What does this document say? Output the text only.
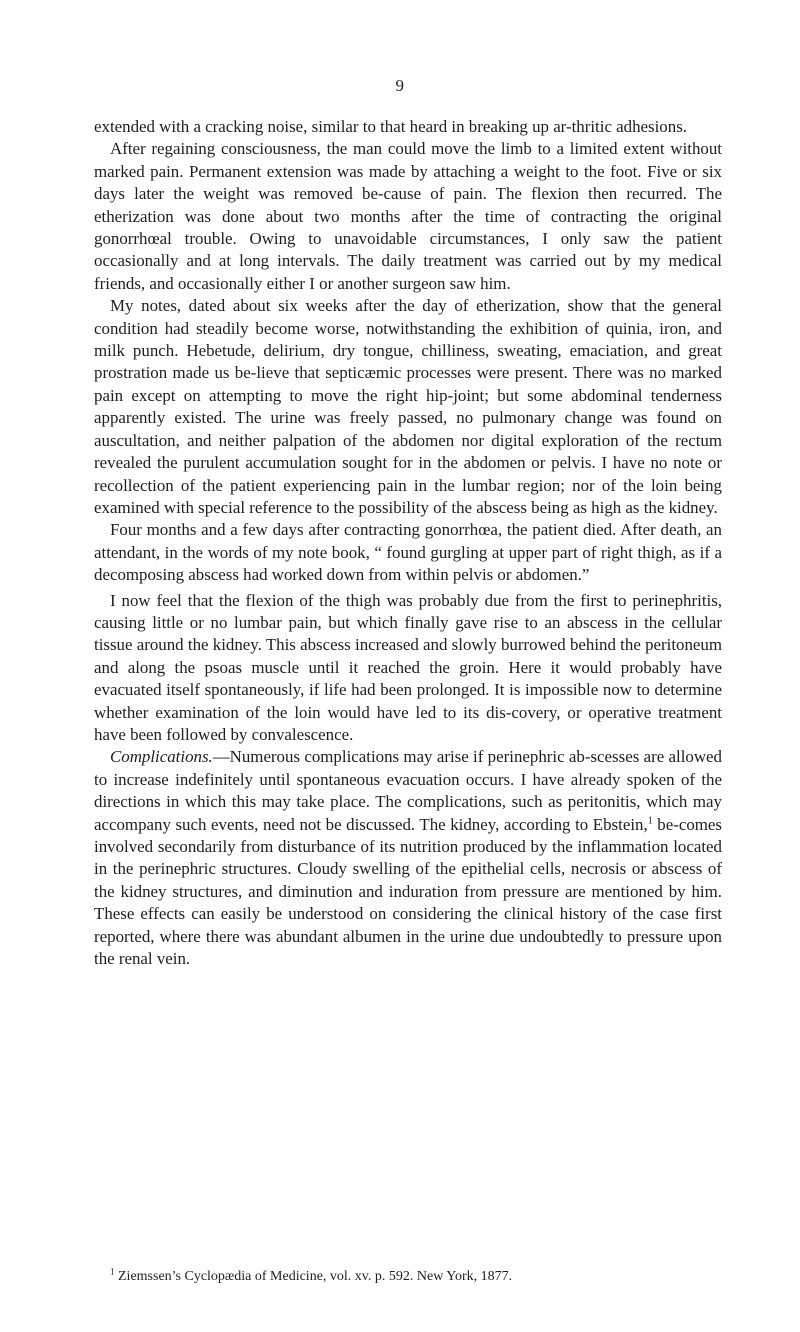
9

extended with a cracking noise, similar to that heard in breaking up ar-thritic adhesions.

After regaining consciousness, the man could move the limb to a limited extent without marked pain. Permanent extension was made by attaching a weight to the foot. Five or six days later the weight was removed be-cause of pain. The flexion then recurred. The etherization was done about two months after the time of contracting the original gonorrhœal trouble. Owing to unavoidable circumstances, I only saw the patient occasionally and at long intervals. The daily treatment was carried out by my medical friends, and occasionally either I or another surgeon saw him.

My notes, dated about six weeks after the day of etherization, show that the general condition had steadily become worse, notwithstanding the exhibition of quinia, iron, and milk punch. Hebetude, delirium, dry tongue, chilliness, sweating, emaciation, and great prostration made us be-lieve that septicæmic processes were present. There was no marked pain except on attempting to move the right hip-joint; but some abdominal tenderness apparently existed. The urine was freely passed, no pulmonary change was found on auscultation, and neither palpation of the abdomen nor digital exploration of the rectum revealed the purulent accumulation sought for in the abdomen or pelvis. I have no note or recollection of the patient experiencing pain in the lumbar region; nor of the loin being examined with special reference to the possibility of the abscess being as high as the kidney.

Four months and a few days after contracting gonorrhœa, the patient died. After death, an attendant, in the words of my note book, “ found gurgling at upper part of right thigh, as if a decomposing abscess had worked down from within pelvis or abdomen.”

I now feel that the flexion of the thigh was probably due from the first to perinephritis, causing little or no lumbar pain, but which finally gave rise to an abscess in the cellular tissue around the kidney. This abscess increased and slowly burrowed behind the peritoneum and along the psoas muscle until it reached the groin. Here it would probably have evacuated itself spontaneously, if life had been prolonged. It is impossible now to determine whether examination of the loin would have led to its dis-covery, or operative treatment have been followed by convalescence.

Complications.—Numerous complications may arise if perinephric ab-scesses are allowed to increase indefinitely until spontaneous evacuation occurs. I have already spoken of the directions in which this may take place. The complications, such as peritonitis, which may accompany such events, need not be discussed. The kidney, according to Ebstein,$^1$ be-comes involved secondarily from disturbance of its nutrition produced by the inflammation located in the perinephric structures. Cloudy swelling of the epithelial cells, necrosis or abscess of the kidney structures, and diminution and induration from pressure are mentioned by him. These effects can easily be understood on considering the clinical history of the case first reported, where there was abundant albumen in the urine due undoubtedly to pressure upon the renal vein.

$^1$ Ziemssen’s Cyclopædia of Medicine, vol. xv. p. 592. New York, 1877.
